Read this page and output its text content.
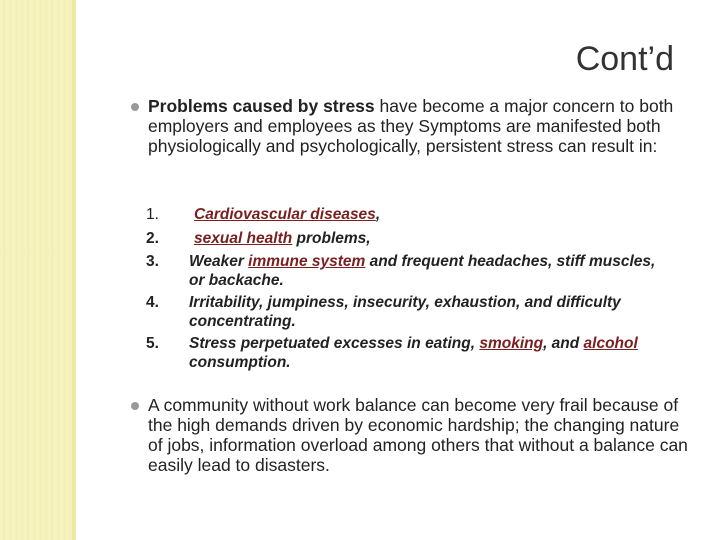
Cont’d
Problems caused by stress have become a major concern to both employers and employees as they Symptoms are manifested both physiologically and psychologically, persistent stress can result in:
1.	Cardiovascular diseases,
2.	sexual health problems,
3.	Weaker immune system and frequent headaches, stiff muscles, or backache.
4.	Irritability, jumpiness, insecurity, exhaustion, and difficulty concentrating.
5.	Stress perpetuated excesses in eating, smoking, and alcohol consumption.
A community without work balance can become very frail because of the high demands driven by economic hardship; the changing nature of jobs, information overload among others that without a balance can easily lead to disasters.
